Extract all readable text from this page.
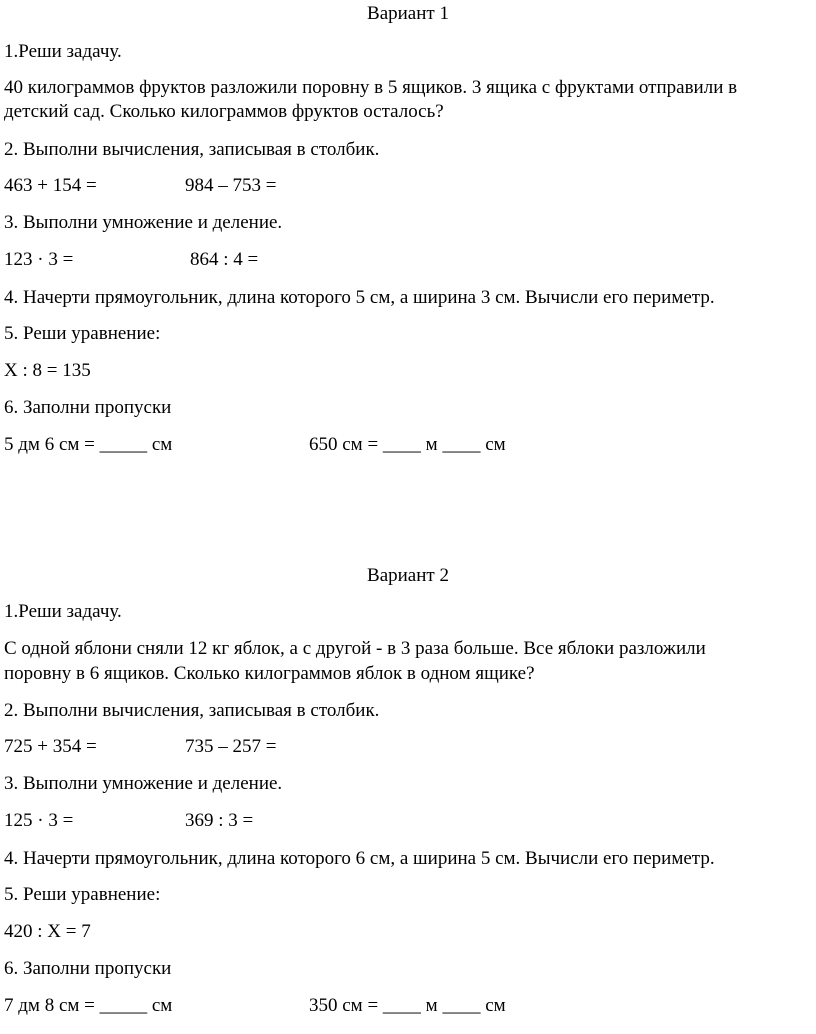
Вариант 1
1.Реши задачу.
40 килограммов фруктов разложили поровну в 5 ящиков. 3 ящика с фруктами отправили в
детский сад. Сколько килограммов фруктов осталось?
2. Выполни вычисления, записывая в столбик.
463 + 154 =	984 – 753 =
3. Выполни умножение и деление.
123 · 3 =	864 : 4 =
4. Начерти прямоугольник, длина которого 5 см, а ширина 3 см. Вычисли его периметр.
5. Реши уравнение:
X : 8 = 135
6. Заполни пропуски
5 дм 6 см = _____ см	650 см = ____ м ____ см
Вариант 2
1.Реши задачу.
С одной яблони сняли 12 кг яблок, а с другой - в 3 раза больше. Все яблоки разложили
поровну в 6 ящиков. Сколько килограммов яблок в одном ящике?
2. Выполни вычисления, записывая в столбик.
725 + 354 =	735 – 257 =
3. Выполни умножение и деление.
125 · 3 =	369 : 3 =
4. Начерти прямоугольник, длина которого 6 см, а ширина 5 см. Вычисли его периметр.
5. Реши уравнение:
420 : X = 7
6. Заполни пропуски
7 дм 8 см = _____ см	350 см = ____ м ____ см
